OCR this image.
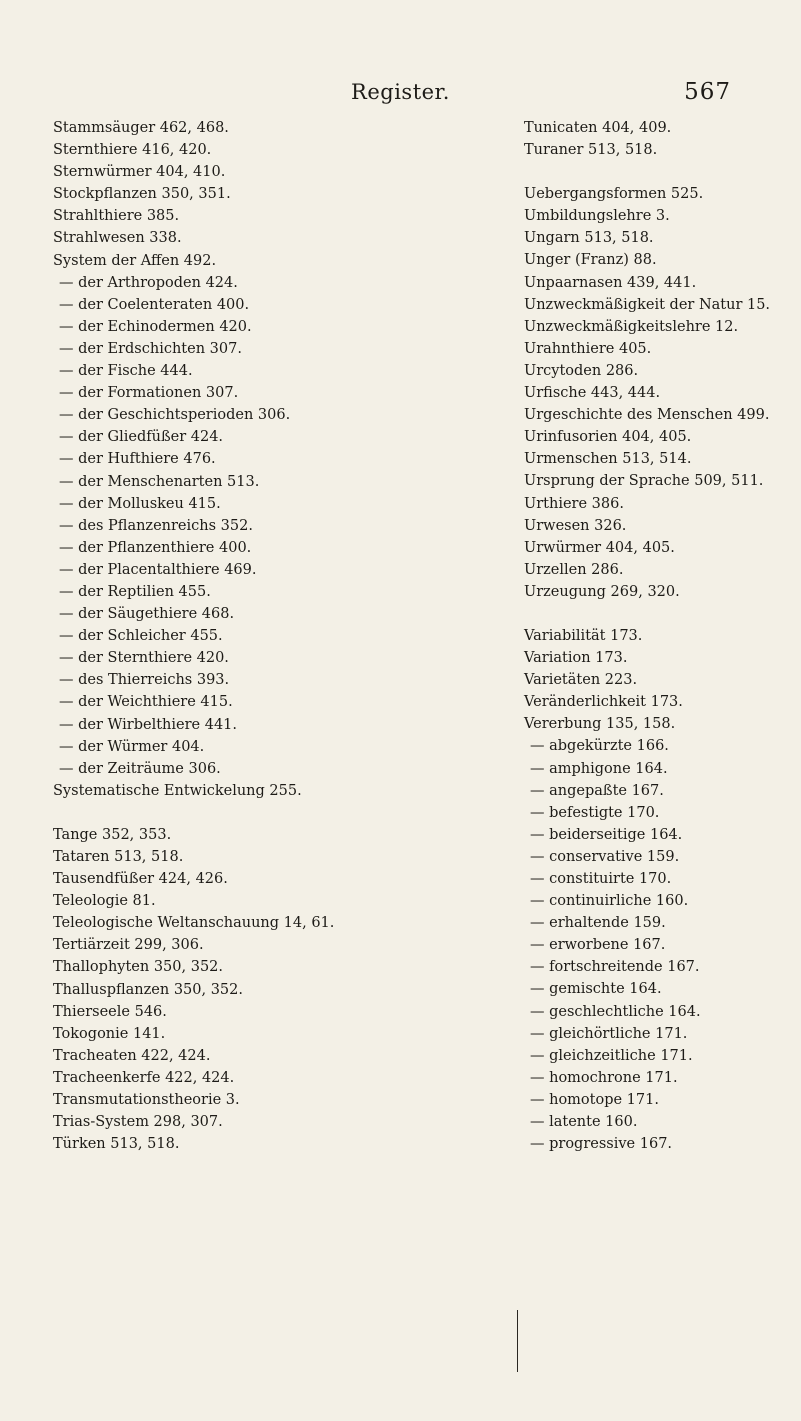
Register.	567
Stammsäuger 462, 468.
Sternthiere 416, 420.
Sternwürmer 404, 410.
Stockpflanzen 350, 351.
Strahlthiere 385.
Strahlwesen 338.
System der Affen 492.
— der Arthropoden 424.
— der Coelenteraten 400.
— der Echinodermen 420.
— der Erdschichten 307.
— der Fische 444.
— der Formationen 307.
— der Geschichtsperioden 306.
— der Gliedfüßer 424.
— der Hufthiere 476.
— der Menschenarten 513.
— der Molluskeu 415.
— des Pflanzenreichs 352.
— der Pflanzenthiere 400.
— der Placentalthiere 469.
— der Reptilien 455.
— der Säugethiere 468.
— der Schleicher 455.
— der Sternthiere 420.
— des Thierreichs 393.
— der Weichthiere 415.
— der Wirbelthiere 441.
— der Würmer 404.
— der Zeiträume 306.
Systematische Entwickelung 255.
Tange 352, 353.
Tataren 513, 518.
Tausendfüßer 424, 426.
Teleologie 81.
Teleologische Weltanschauung 14, 61.
Tertiärzeit 299, 306.
Thallophyten 350, 352.
Thalluspflanzen 350, 352.
Thierseele 546.
Tokogonie 141.
Tracheaten 422, 424.
Tracheenkerfe 422, 424.
Transmutationstheorie 3.
Trias-System 298, 307.
Türken 513, 518.
Tunicaten 404, 409.
Turaner 513, 518.
Uebergangsformen 525.
Umbildungslehre 3.
Ungarn 513, 518.
Unger (Franz) 88.
Unpaarnasen 439, 441.
Unzweckmäßigkeit der Natur 15.
Unzweckmäßigkeitslehre 12.
Urahnthiere 405.
Urcytoden 286.
Urfische 443, 444.
Urgeschichte des Menschen 499.
Urinfusorien 404, 405.
Urmenschen 513, 514.
Ursprung der Sprache 509, 511.
Urthiere 386.
Urwesen 326.
Urwürmer 404, 405.
Urzellen 286.
Urzeugung 269, 320.
Variabilität 173.
Variation 173.
Varietäten 223.
Veränderlichkeit 173.
Vererbung 135, 158.
— abgekürzte 166.
— amphigone 164.
— angepaßte 167.
— befestigte 170.
— beiderseitige 164.
— conservative 159.
— constituirte 170.
— continuirliche 160.
— erhaltende 159.
— erworbene 167.
— fortschreitende 167.
— gemischte 164.
— geschlechtliche 164.
— gleichörtliche 171.
— gleichzeitliche 171.
— homochrone 171.
— homotope 171.
— latente 160.
— progressive 167.
